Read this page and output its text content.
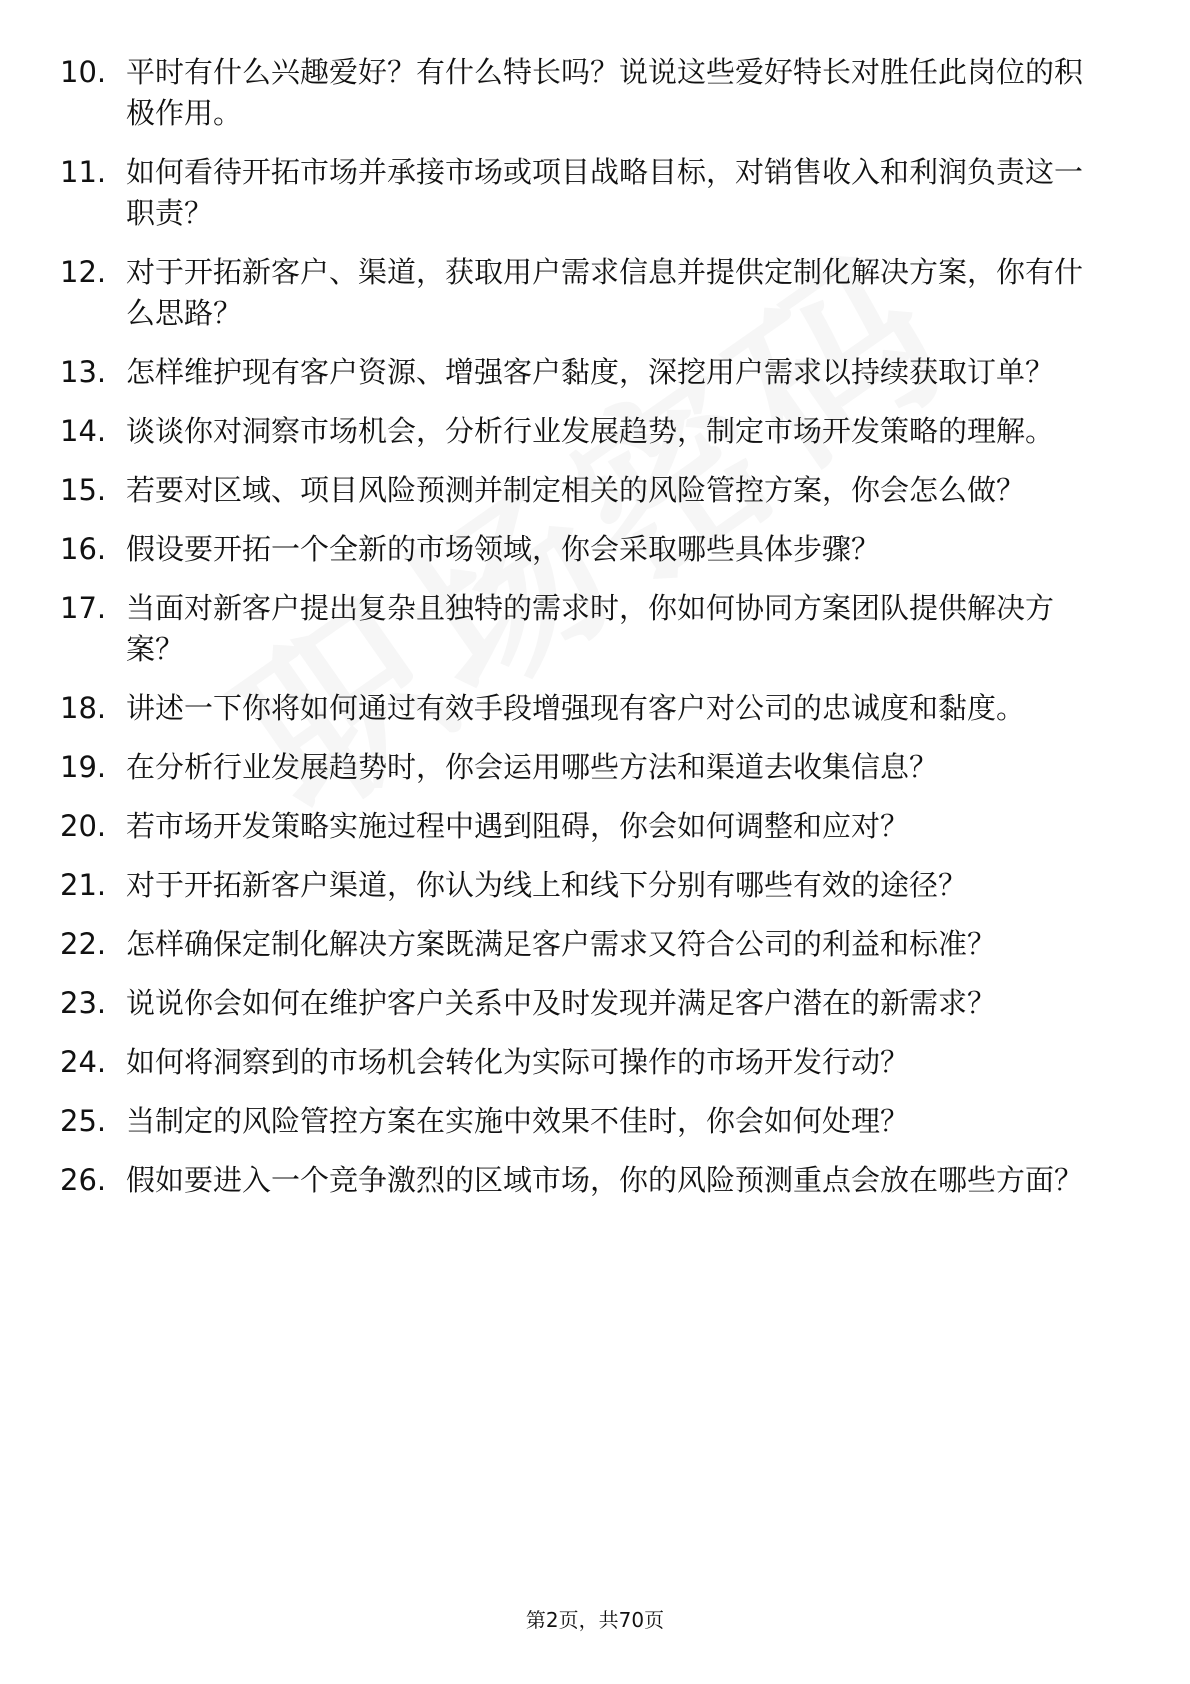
10. 平时有什么兴趣爱好？有什么特长吗？说说这些爱好特长对胜任此岗位的积极作用。
11. 如何看待开拓市场并承接市场或项目战略目标，对销售收入和利润负责这一职责？
12. 对于开拓新客户、渠道，获取用户需求信息并提供定制化解决方案，你有什么思路？
13. 怎样维护现有客户资源、增强客户黏度，深挖用户需求以持续获取订单？
14. 谈谈你对洞察市场机会，分析行业发展趋势，制定市场开发策略的理解。
15. 若要对区域、项目风险预测并制定相关的风险管控方案，你会怎么做？
16. 假设要开拓一个全新的市场领域，你会采取哪些具体步骤？
17. 当面对新客户提出复杂且独特的需求时，你如何协同方案团队提供解决方案？
18. 讲述一下你将如何通过有效手段增强现有客户对公司的忠诚度和黏度。
19. 在分析行业发展趋势时，你会运用哪些方法和渠道去收集信息？
20. 若市场开发策略实施过程中遇到阻碍，你会如何调整和应对？
21. 对于开拓新客户渠道，你认为线上和线下分别有哪些有效的途径？
22. 怎样确保定制化解决方案既满足客户需求又符合公司的利益和标准？
23. 说说你会如何在维护客户关系中及时发现并满足客户潜在的新需求？
24. 如何将洞察到的市场机会转化为实际可操作的市场开发行动？
25. 当制定的风险管控方案在实施中效果不佳时，你会如何处理？
26. 假如要进入一个竞争激烈的区域市场，你的风险预测重点会放在哪些方面？
第2页，共70页
